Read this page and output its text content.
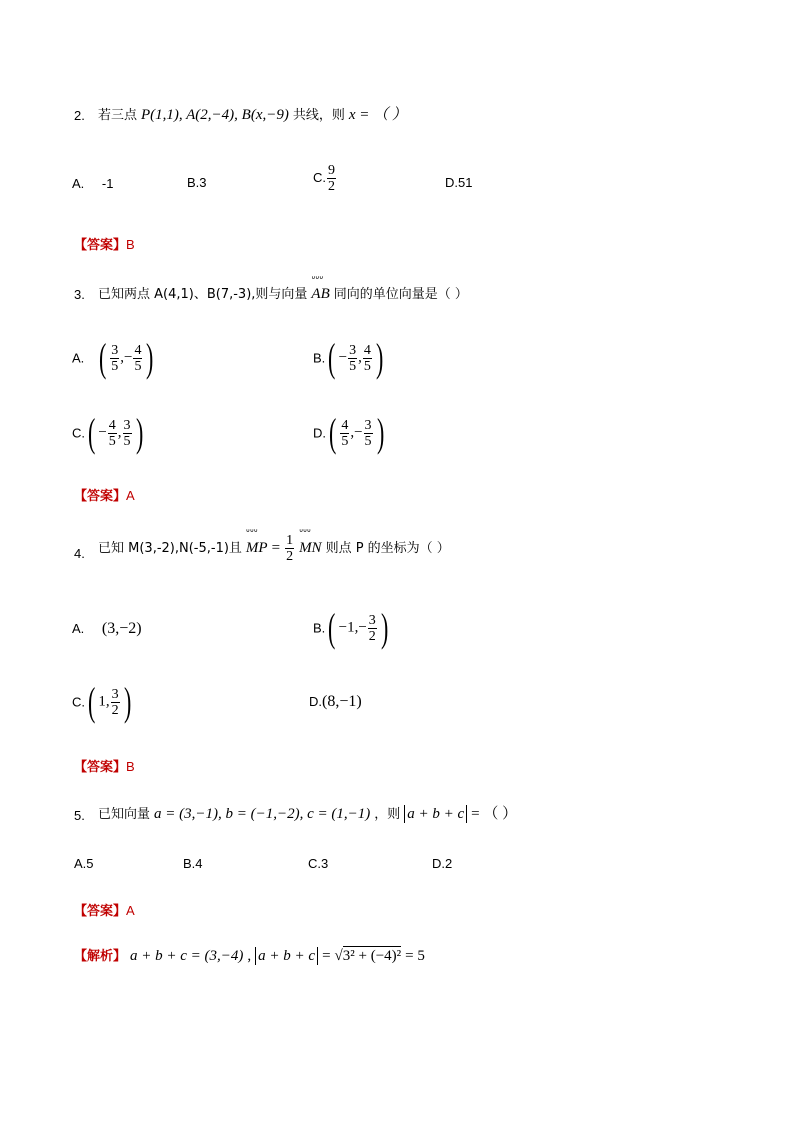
2. 若三点 P(1,1), A(2,−4), B(x,−9) 共线，则 x = （ ）
A. -1	B.3	C. $\frac{9}{2}$	D.51
【答案】B
3. 已知两点 A(4,1)、B(7,-3),则与向量
ᐡᐡᐡ
AB 同向的单位向量是（ ）
A. ( $\frac{3}{5}$ ,− $\frac{4}{5}$ )	$B.( - \frac{3}{5}$ , $\frac{4}{5}$ )
$C.( - \frac{4}{5}$ , $\frac{3}{5}$ )	$D.( \frac{4}{5}$ ,− $\frac{3}{5}$ )
【答案】A
4. 已知 M(3,-2),N(-5,-1)且
ᐡᐡᐡ
MP = $\frac{1}{2}$
ᐡᐡᐡ
MN 则点 P 的坐标为（ ）
A. (3,−2)	$B.( -1,- \frac{3}{2}$ )
C.( 1, $\frac{3}{2}$ )	D.(8,−1)
【答案】B
5. 已知向量 a = (3,−1), b = (−1,−2), c = (1,−1) ，则 a + b + c = （ ）
A.5	B.4	C.3	D.2
【答案】A
【解析】 a + b + c = (3,−4) , a + b + c = √3² + (−4)² = 5
